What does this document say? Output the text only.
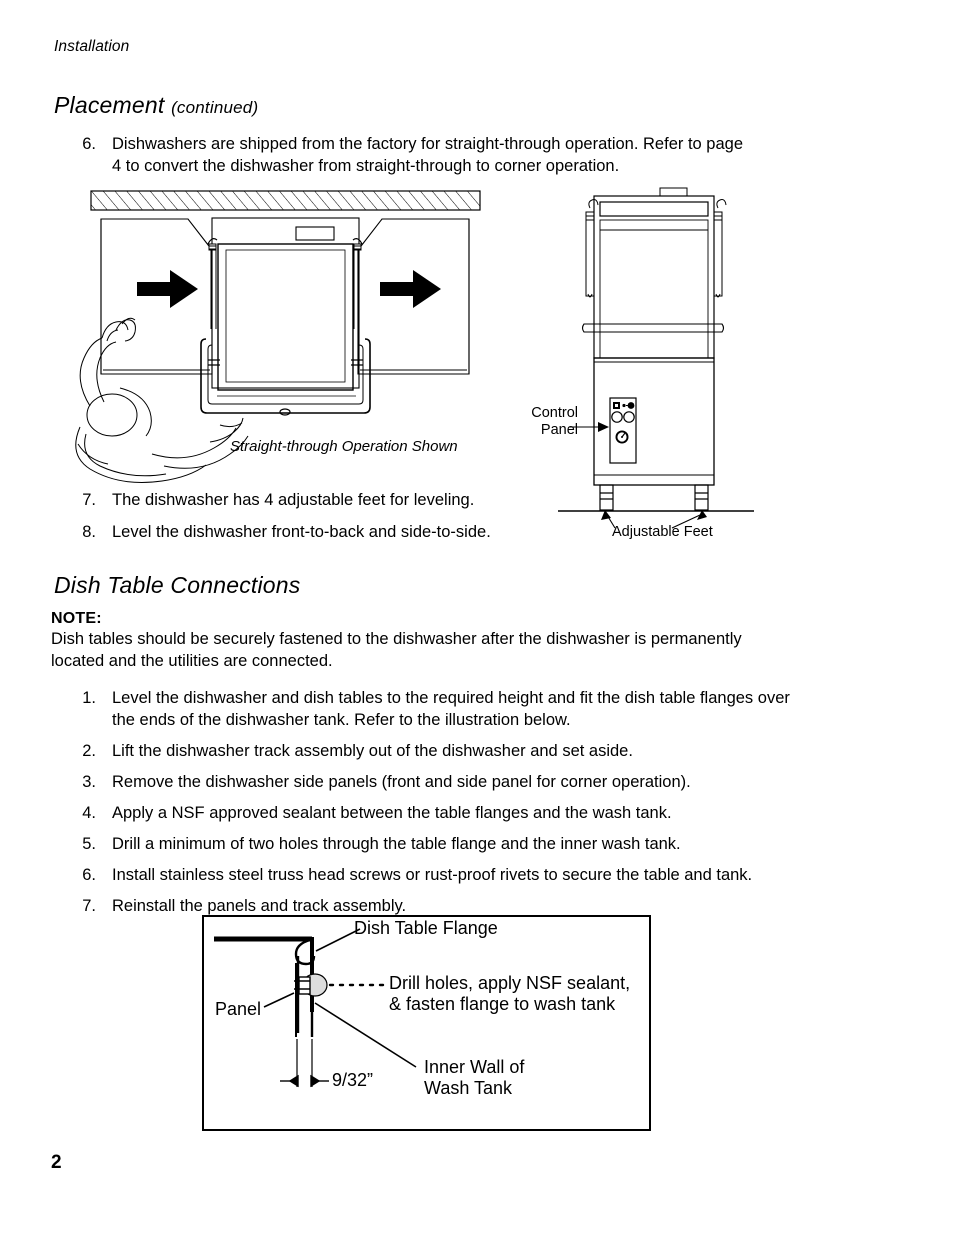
Installation
Placement (continued)
6. Dishwashers are shipped from the factory for straight-through operation. Refer to page 4 to convert the dishwasher from straight-through to corner operation.
Straight-through Operation Shown
Control
Panel
Adjustable Feet
7. The dishwasher has 4 adjustable feet for leveling.
8. Level the dishwasher front-to-back and side-to-side.
Dish Table Connections
NOTE:
Dish tables should be securely fastened to the dishwasher after the dishwasher is permanently located and the utilities are connected.
1. Level the dishwasher and dish tables to the required height and fit the dish table flanges over the ends of the dishwasher tank. Refer to the illustration below.
2. Lift the dishwasher track assembly out of the dishwasher and set aside.
3. Remove the dishwasher side panels (front and side panel for corner operation).
4. Apply a NSF approved sealant between the table flanges and the wash tank.
5. Drill a minimum of two holes through the table flange and the inner wash tank.
6. Install stainless steel truss head screws or rust-proof rivets to secure the table and tank.
7. Reinstall the panels and track assembly.
Dish Table Flange
Drill holes, apply NSF sealant,
& fasten flange to wash tank
Panel
Inner Wall of
Wash Tank
9/32”
2
